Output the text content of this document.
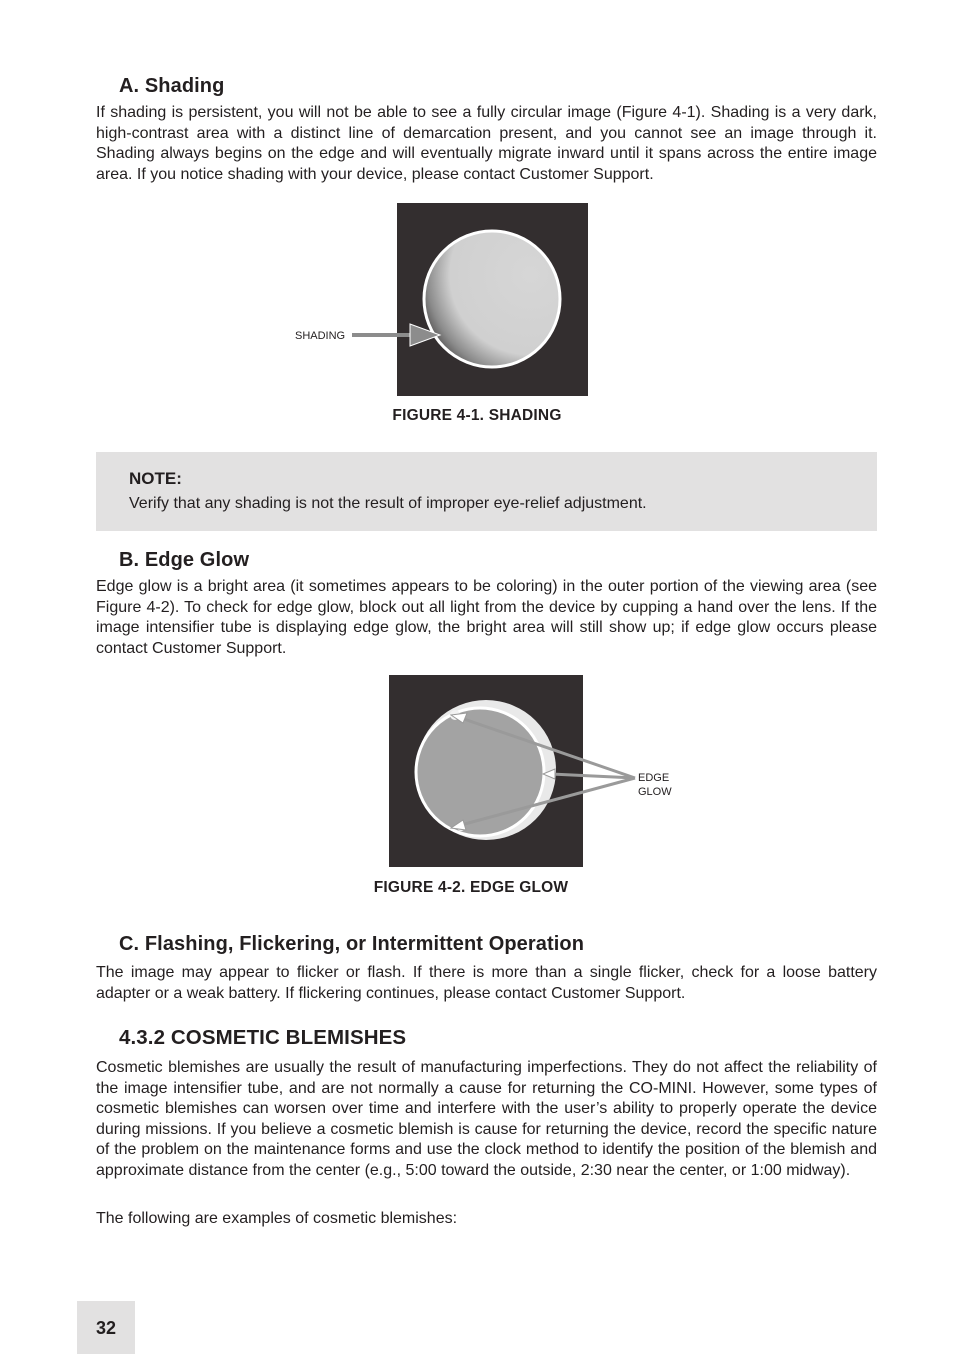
A. Shading

If shading is persistent, you will not be able to see a fully circular image (Figure 4-1). Shading is a very dark, high-contrast area with a distinct line of demarcation present, and you cannot see an image through it. Shading always begins on the edge and will eventually migrate inward until it spans across the entire image area. If you notice shading with your device, please contact Customer Support.

SHADING
FIGURE 4-1. SHADING
NOTE:
Verify that any shading is not the result of improper eye-relief adjustment.
B. Edge Glow

Edge glow is a bright area (it sometimes appears to be coloring) in the outer portion of the viewing area (see Figure 4-2). To check for edge glow, block out all light from the device by cupping a hand over the lens. If the image intensifier tube is displaying edge glow, the bright area will still show up; if edge glow occurs please contact Customer Support.

EDGE
GLOW
FIGURE 4-2. EDGE GLOW
C. Flashing, Flickering, or Intermittent Operation

The image may appear to flicker or flash. If there is more than a single flicker, check for a loose battery adapter or a weak battery. If flickering continues, please contact Customer Support.

4.3.2 COSMETIC BLEMISHES

Cosmetic blemishes are usually the result of manufacturing imperfections. They do not affect the reliability of the image intensifier tube, and are not normally a cause for returning the CO-MINI. However, some types of cosmetic blemishes can worsen over time and interfere with the user’s ability to properly operate the device during missions. If you believe a cosmetic blemish is cause for returning the device, record the specific nature of the problem on the maintenance forms and use the clock method to identify the position of the blemish and approximate distance from the center (e.g., 5:00 toward the outside, 2:30 near the center, or 1:00 midway).

The following are examples of cosmetic blemishes:

32
